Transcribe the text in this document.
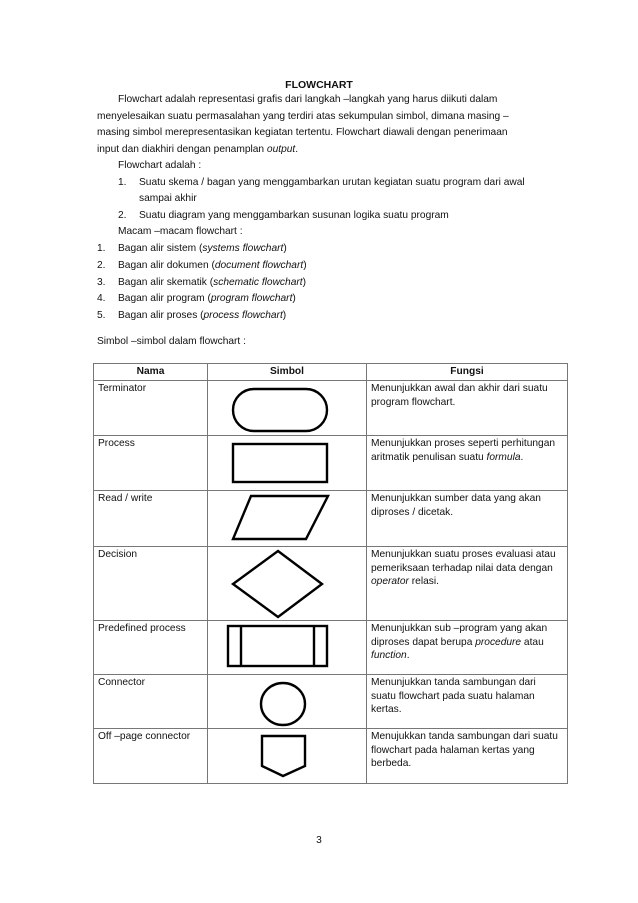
FLOWCHART
Flowchart adalah representasi grafis dari langkah –langkah yang harus diikuti dalam
menyelesaikan suatu permasalahan yang terdiri atas sekumpulan simbol, dimana masing –
masing simbol merepresentasikan kegiatan tertentu. Flowchart diawali dengan penerimaan
input dan diakhiri dengan penamplan output.
Flowchart adalah :
1. Suatu skema / bagan yang menggambarkan urutan kegiatan suatu program dari awal
sampai akhir
2. Suatu diagram yang menggambarkan susunan logika suatu program
Macam –macam flowchart :
1. Bagan alir sistem (systems flowchart)
2. Bagan alir dokumen (document flowchart)
3. Bagan alir skematik (schematic flowchart)
4. Bagan alir program (program flowchart)
5. Bagan alir proses (process flowchart)
Simbol –simbol dalam flowchart :
Nama	Simbol	Fungsi
Terminator		Menunjukkan awal dan akhir dari suatu program flowchart.
Process		Menunjukkan proses seperti perhitungan aritmatik penulisan suatu formula.
Read / write		Menunjukkan sumber data yang akan diproses / dicetak.
Decision		Menunjukkan suatu proses evaluasi atau pemeriksaan terhadap nilai data dengan operator relasi.
Predefined process		Menunjukkan sub –program yang akan diproses dapat berupa procedure atau function.
Connector		Menunjukkan tanda sambungan dari suatu flowchart pada suatu halaman kertas.
Off –page connector		Menujukkan tanda sambungan dari suatu flowchart pada halaman kertas yang berbeda.
3
